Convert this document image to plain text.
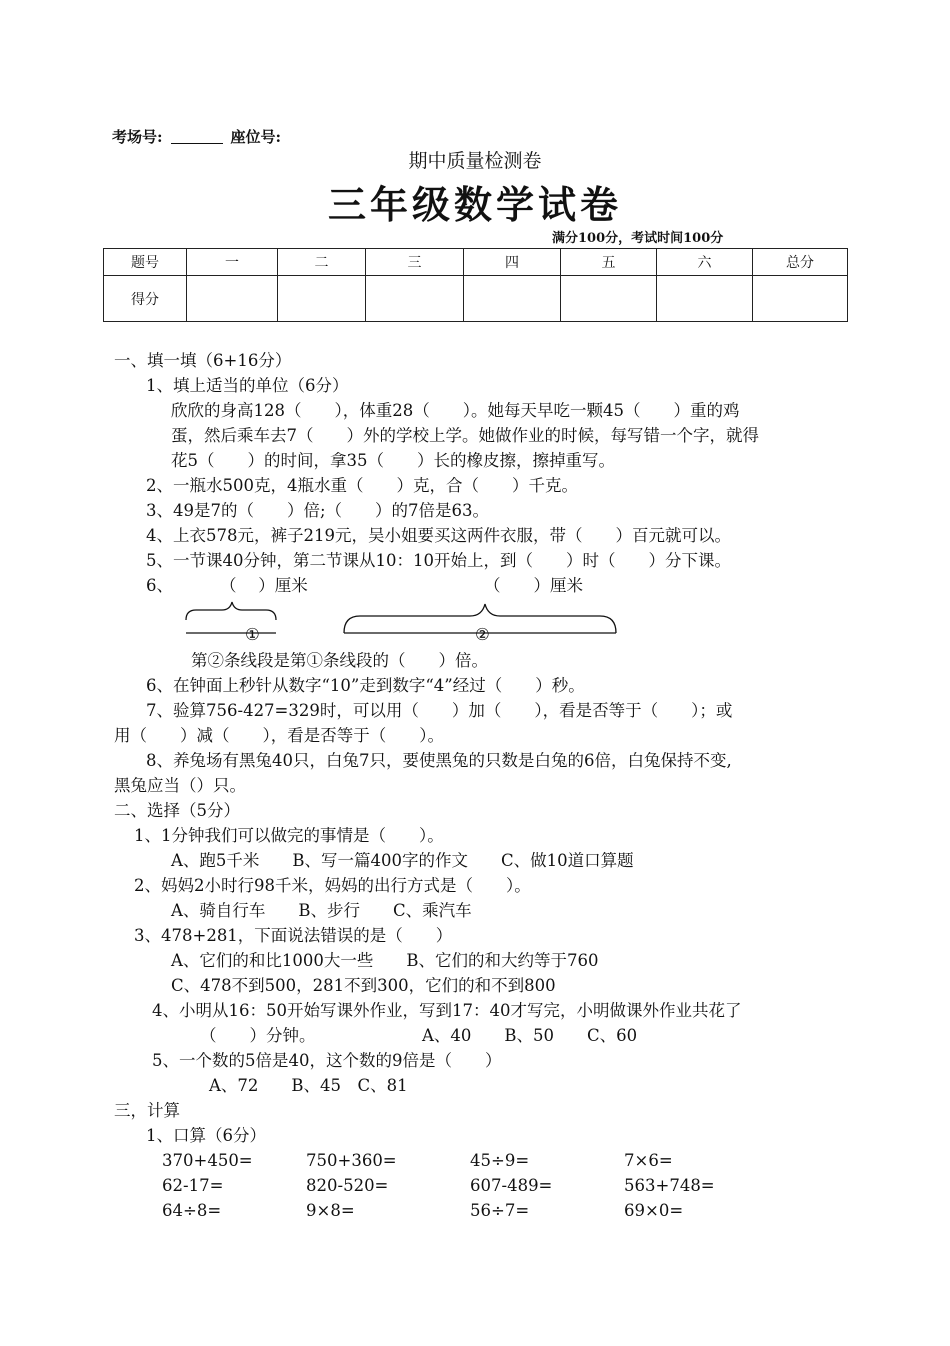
考场号:	座位号:
期中质量检测卷
三年级数学试卷
满分100分，考试时间100分
题号	一	二	三	四	五	六	总分
得分							
一、填一填（6+16分）
1、填上适当的单位（6分）
欣欣的身高128（　　），体重28（　　）。她每天早吃一颗45（　　）重的鸡
蛋，然后乘车去7（　　）外的学校上学。她做作业的时候，每写错一个字，就得
花5（　　）的时间，拿35（　　）长的橡皮擦，擦掉重写。
2、一瓶水500克，4瓶水重（　　）克，合（　　）千克。
3、49是7的（　　）倍;（　　）的7倍是63。
4、上衣578元，裤子219元，吴小姐要买这两件衣服，带（　　）百元就可以。
5、一节课40分钟，第二节课从10：10开始上，到（　　）时（　　）分下课。
6、	（　 ）厘米	（　　）厘米
①	②
第②条线段是第①条线段的（　　）倍。
6、在钟面上秒针从数字“10”走到数字“4”经过（　　）秒。
7、验算756-427=329时，可以用（　　）加（　　），看是否等于（　　）；或
用（　　）减（　　），看是否等于（　　）。
8、养兔场有黑兔40只，白兔7只，要使黑兔的只数是白兔的6倍，白兔保持不变,
黑兔应当（）只。
二、选择（5分）
1、1分钟我们可以做完的事情是（　　）。
A、跑5千米　　B、写一篇400字的作文　　C、做10道口算题
2、妈妈2小时行98千米，妈妈的出行方式是（　　）。
A、骑自行车　　B、步行　　C、乘汽车
3、478+281，下面说法错误的是（　　）
A、它们的和比1000大一些　　B、它们的和大约等于760
C、478不到500，281不到300，它们的和不到800
4、小明从16：50开始写课外作业，写到17：40才写完，小明做课外作业共花了
（　　）分钟。	A、40　　B、50　　C、60
5、一个数的5倍是40，这个数的9倍是（　　）
A、72　　B、45　C、81
三，计算
1、口算（6分）
370+450=	750+360=	45÷9=	7×6=
62-17=	820-520=	607-489=	563+748=
64÷8=	9×8=	56÷7=	69×0=
